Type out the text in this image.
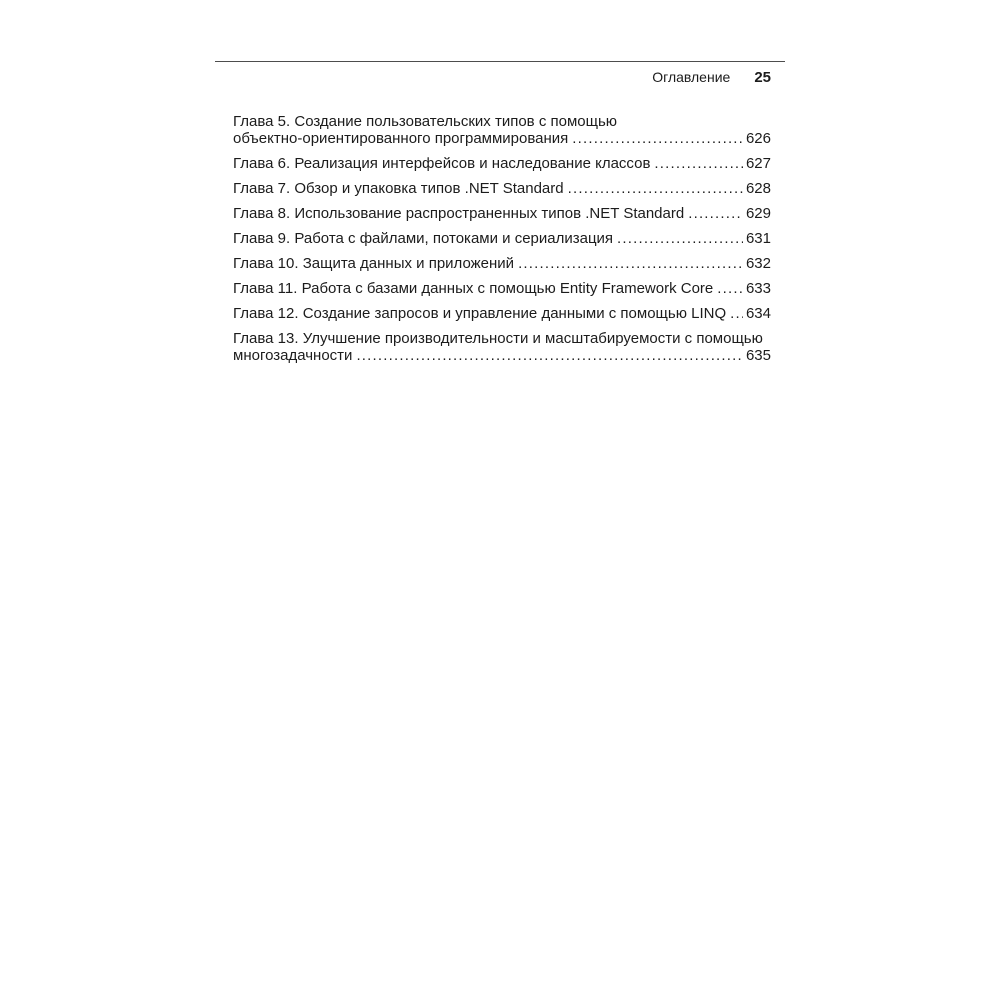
Оглавление 25
Глава 5. Создание пользовательских типов с помощью
объектно-ориентированного программирования .....	626
Глава 6. Реализация интерфейсов и наследование классов .....	627
Глава 7. Обзор и упаковка типов .NET Standard .....	628
Глава 8. Использование распространенных типов .NET Standard .....	629
Глава 9. Работа с файлами, потоками и сериализация .....	631
Глава 10. Защита данных и приложений .....	632
Глава 11. Работа с базами данных с помощью Entity Framework Core ..... 633
Глава 12. Создание запросов и управление данными с помощью LINQ ..... 634
Глава 13. Улучшение производительности и масштабируемости с помощью
многозадачности .....	635
